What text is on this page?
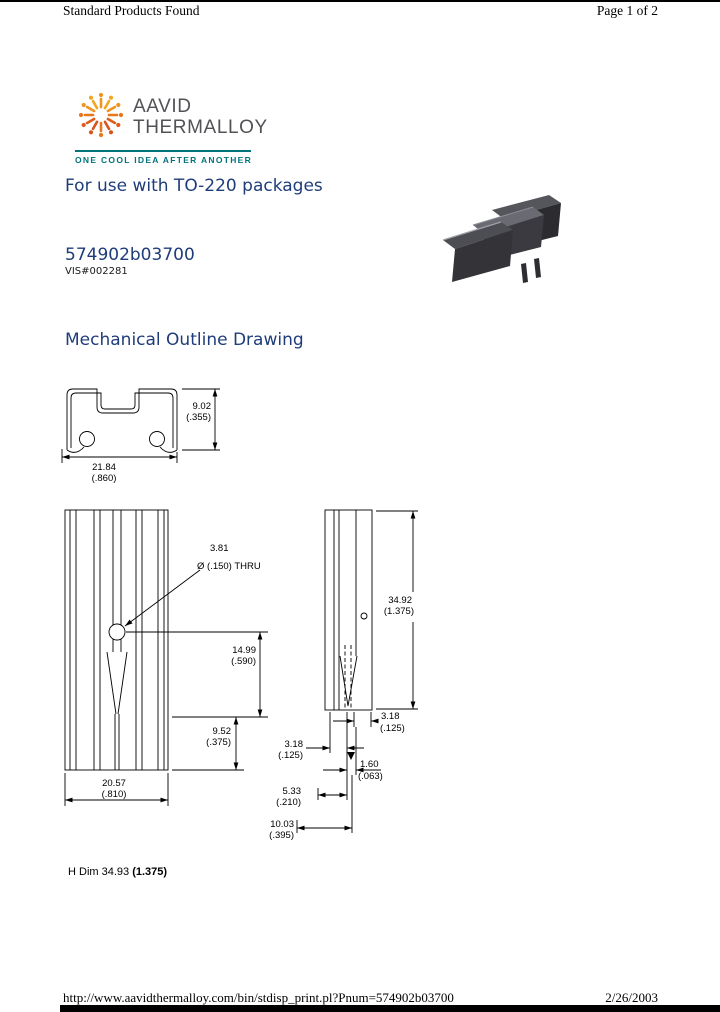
Standard Products Found	Page 1 of 2
AAVID
THERMALLOY
ONE COOL IDEA AFTER ANOTHER
For use with TO-220 packages
574902b03700
VIS#002281
Mechanical Outline Drawing
21.84
(.860)
9.02
(.355)
3.81
Ø (.150) THRU
14.99
(.590)
9.52
(.375)
20.57
(.810)
34.92
(1.375)
3.18
(.125)
3.18
(.125)
1.60
(.063)
5.33
(.210)
10.03
(.395)
H Dim 34.93 (1.375)
http://www.aavidthermalloy.com/bin/stdisp_print.pl?Pnum=574902b03700	2/26/2003
